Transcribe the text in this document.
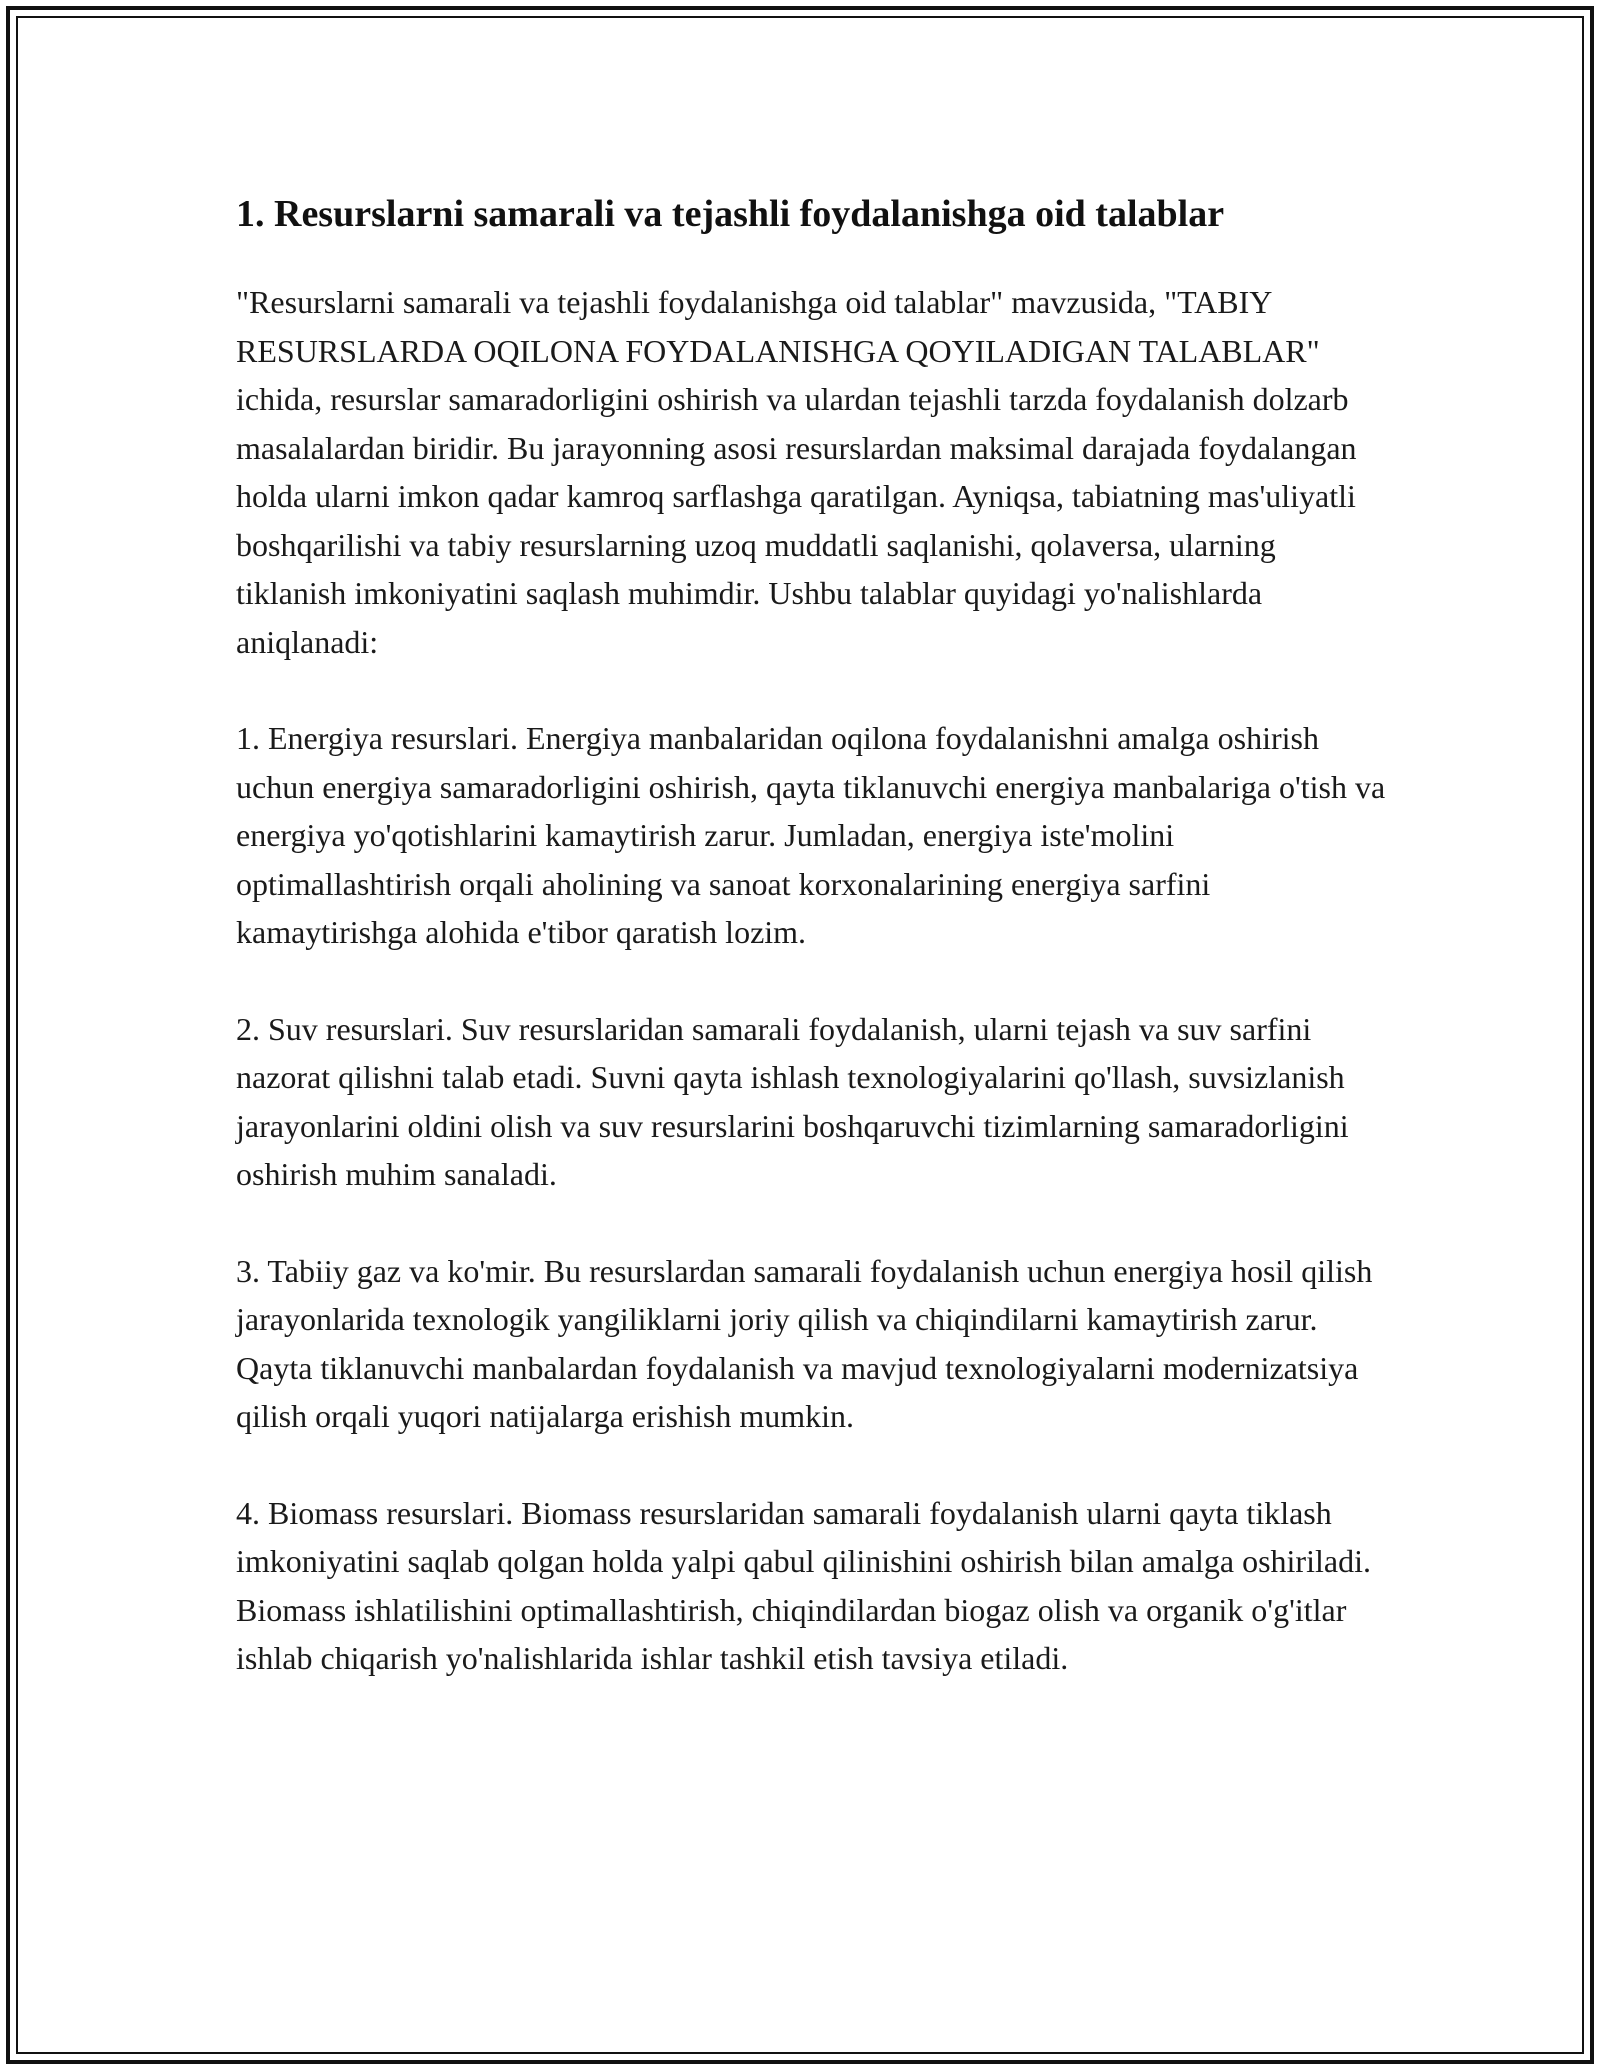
1. Resurslarni samarali va tejashli foydalanishga oid talablar

"Resurslarni samarali va tejashli foydalanishga oid talablar" mavzusida, "TABIY RESURSLARDA OQILONA FOYDALANISHGA QOYILADIGAN TALABLAR" ichida, resurslar samaradorligini oshirish va ulardan tejashli tarzda foydalanish dolzarb masalalardan biridir. Bu jarayonning asosi resurslardan maksimal darajada foydalangan holda ularni imkon qadar kamroq sarflashga qaratilgan. Ayniqsa, tabiatning mas'uliyatli boshqarilishi va tabiy resurslarning uzoq muddatli saqlanishi, qolaversa, ularning tiklanish imkoniyatini saqlash muhimdir. Ushbu talablar quyidagi yo'nalishlarda aniqlanadi:

1. Energiya resurslari. Energiya manbalaridan oqilona foydalanishni amalga oshirish uchun energiya samaradorligini oshirish, qayta tiklanuvchi energiya manbalariga o'tish va energiya yo'qotishlarini kamaytirish zarur. Jumladan, energiya iste'molini optimallashtirish orqali aholining va sanoat korxonalarining energiya sarfini kamaytirishga alohida e'tibor qaratish lozim.

2. Suv resurslari. Suv resurslaridan samarali foydalanish, ularni tejash va suv sarfini nazorat qilishni talab etadi. Suvni qayta ishlash texnologiyalarini qo'llash, suvsizlanish jarayonlarini oldini olish va suv resurslarini boshqaruvchi tizimlarning samaradorligini oshirish muhim sanaladi.

3. Tabiiy gaz va ko'mir. Bu resurslardan samarali foydalanish uchun energiya hosil qilish jarayonlarida texnologik yangiliklarni joriy qilish va chiqindilarni kamaytirish zarur. Qayta tiklanuvchi manbalardan foydalanish va mavjud texnologiyalarni modernizatsiya qilish orqali yuqori natijalarga erishish mumkin.

4. Biomass resurslari. Biomass resurslaridan samarali foydalanish ularni qayta tiklash imkoniyatini saqlab qolgan holda yalpi qabul qilinishini oshirish bilan amalga oshiriladi. Biomass ishlatilishini optimallashtirish, chiqindilardan biogaz olish va organik o'g'itlar ishlab chiqarish yo'nalishlarida ishlar tashkil etish tavsiya etiladi.
